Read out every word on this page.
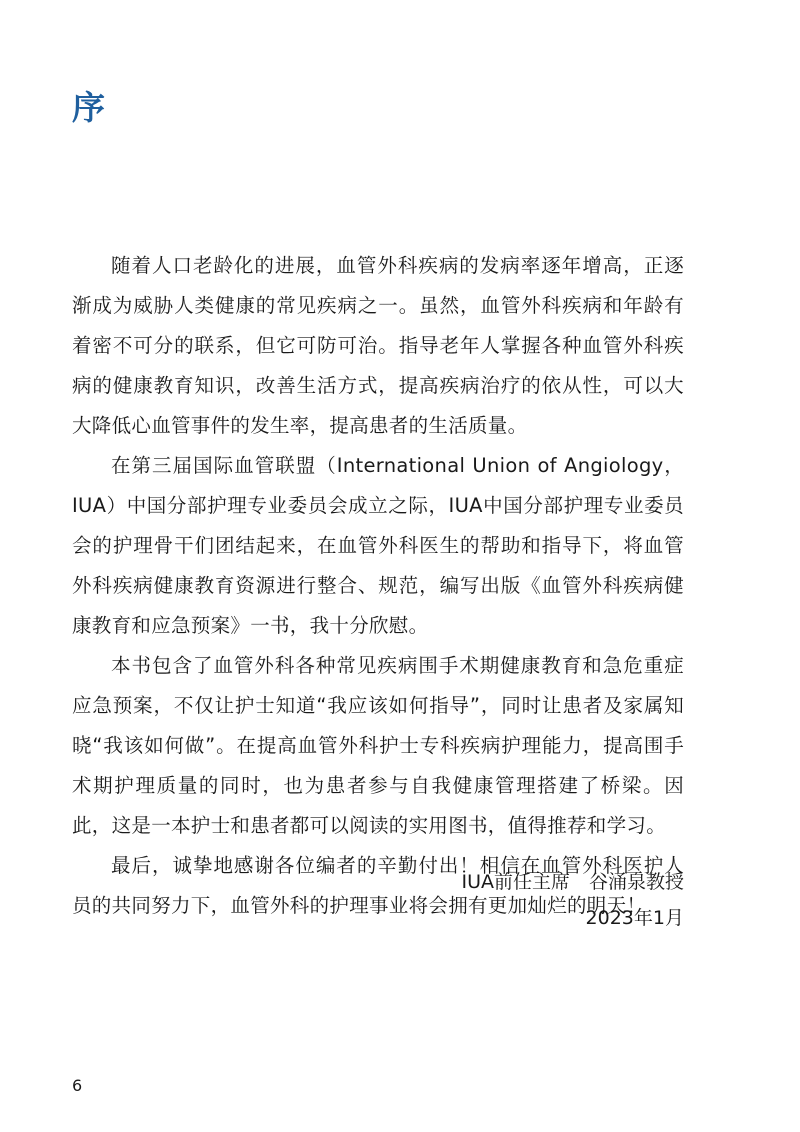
序

随着人口老龄化的进展，血管外科疾病的发病率逐年增高，正逐渐成为威胁人类健康的常见疾病之一。虽然，血管外科疾病和年龄有着密不可分的联系，但它可防可治。指导老年人掌握各种血管外科疾病的健康教育知识，改善生活方式，提高疾病治疗的依从性，可以大大降低心血管事件的发生率，提高患者的生活质量。

在第三届国际血管联盟（International Union of Angiology，IUA）中国分部护理专业委员会成立之际，IUA中国分部护理专业委员会的护理骨干们团结起来，在血管外科医生的帮助和指导下，将血管外科疾病健康教育资源进行整合、规范，编写出版《血管外科疾病健康教育和应急预案》一书，我十分欣慰。

本书包含了血管外科各种常见疾病围手术期健康教育和急危重症应急预案，不仅让护士知道“我应该如何指导”，同时让患者及家属知晓“我该如何做”。在提高血管外科护士专科疾病护理能力，提高围手术期护理质量的同时，也为患者参与自我健康管理搭建了桥梁。因此，这是一本护士和患者都可以阅读的实用图书，值得推荐和学习。

最后，诚挚地感谢各位编者的辛勤付出！相信在血管外科医护人员的共同努力下，血管外科的护理事业将会拥有更加灿烂的明天！

IUA前任主席　谷涌泉教授
2023年1月
6
